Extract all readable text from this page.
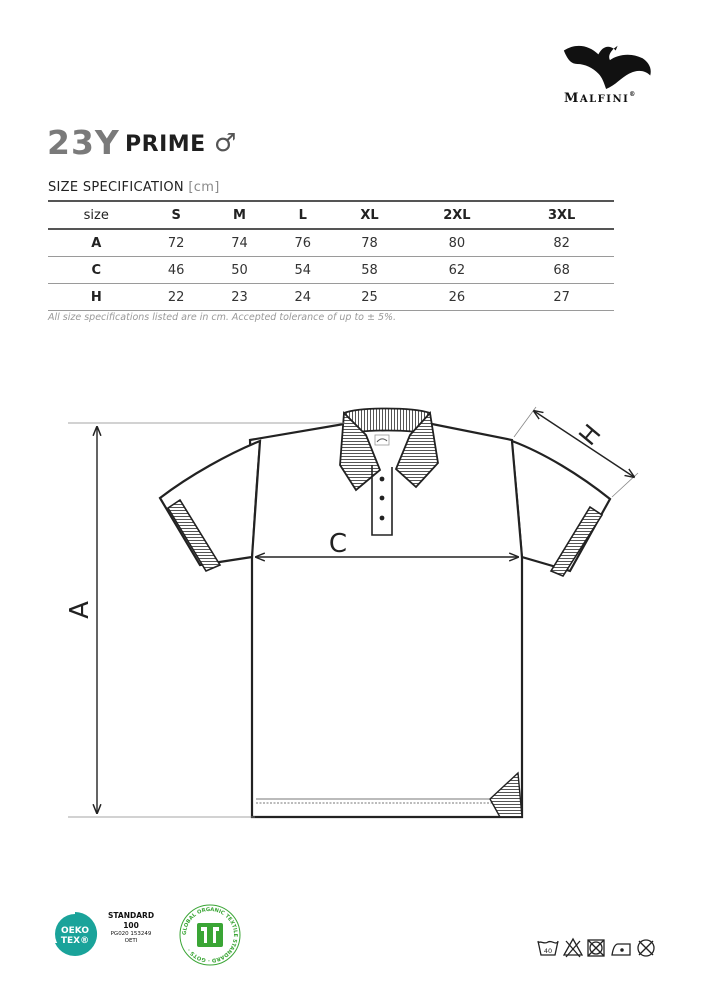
MALFINI®
23Y PRIME ♂
SIZE SPECIFICATION [cm]
size	S	M	L	XL	2XL	3XL
A	72	74	76	78	80	82
C	46	50	54	58	62	68
H	22	23	24	25	26	27
All size specifications listed are in cm. Accepted tolerance of up to ± 5%.
A
C
H
OEKO
TEX®
STANDARD
100
PG020 153249
OETI
GLOBAL ORGANIC TEXTILE STANDARD · GOTS ·	40
